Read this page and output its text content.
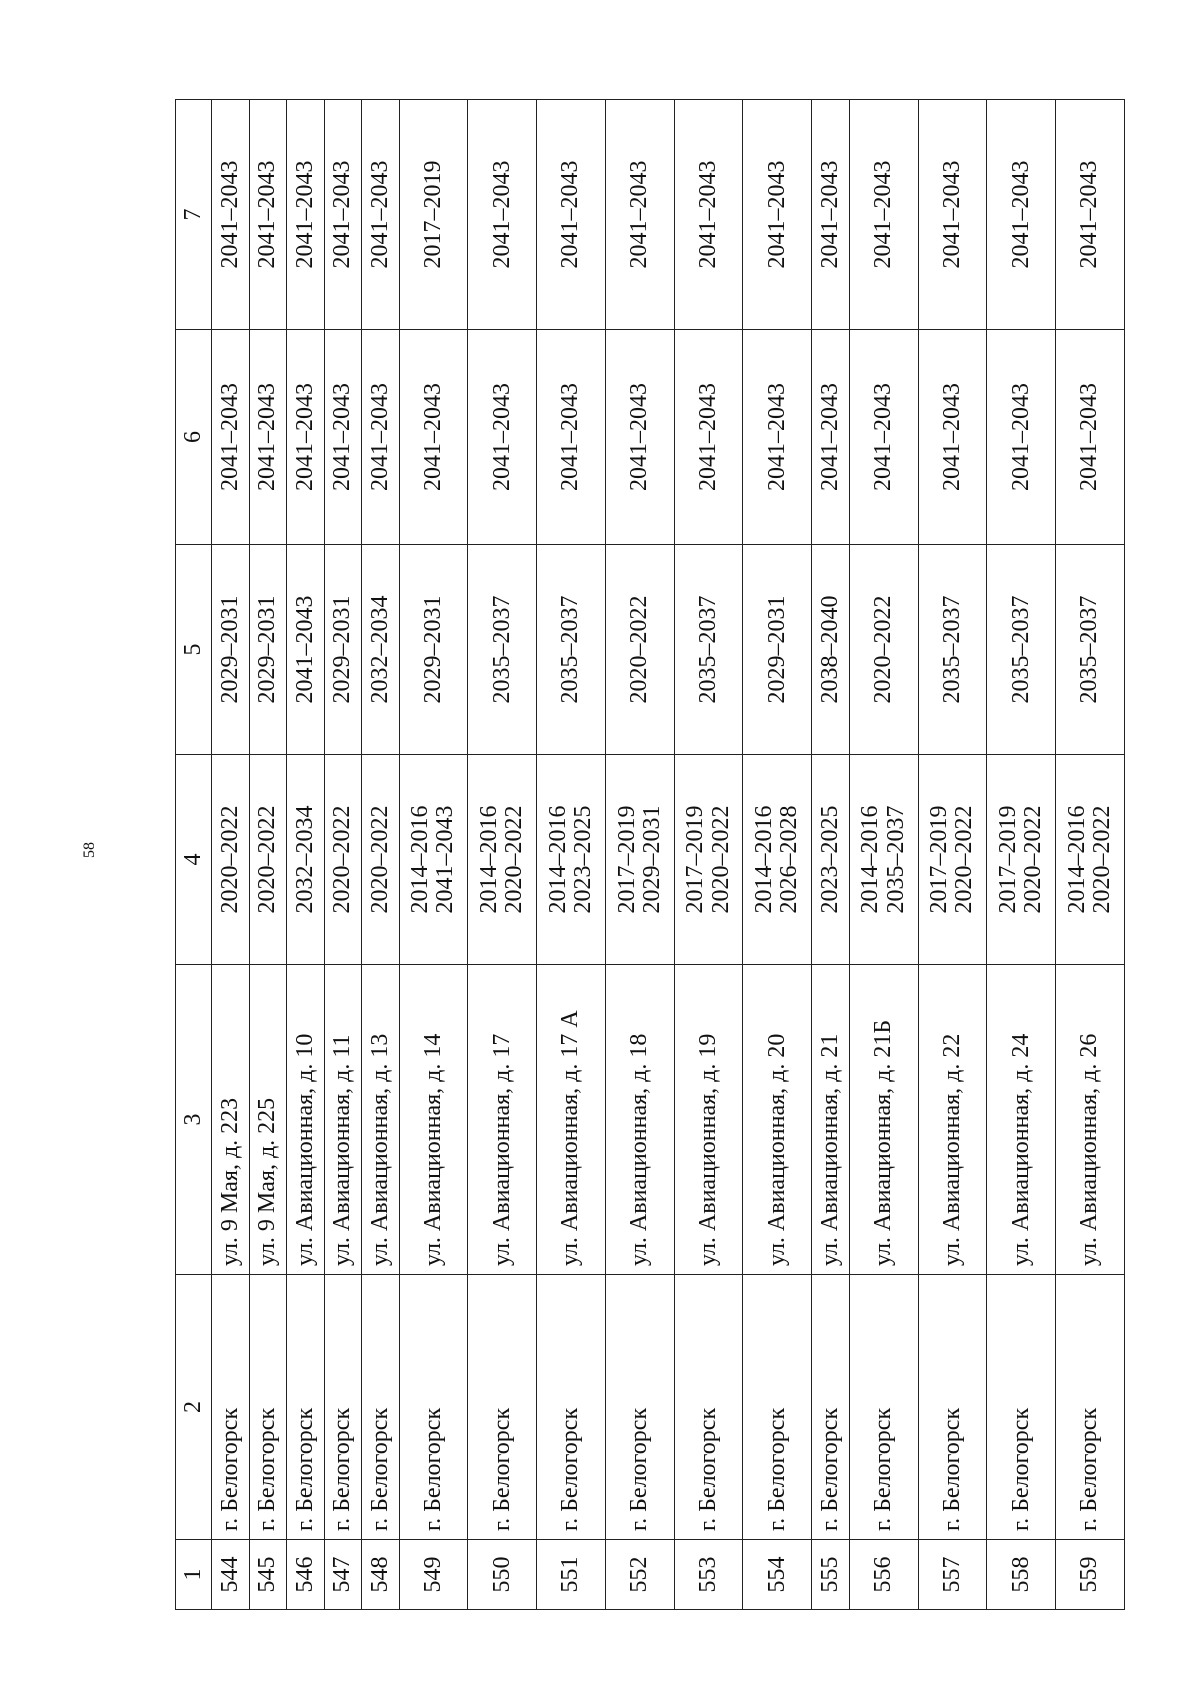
58
1	2	3	4	5	6	7
544	г. Белогорск	ул. 9 Мая, д. 223	2020–2022	2029–2031	2041–2043	2041–2043
545	г. Белогорск	ул. 9 Мая, д. 225	2020–2022	2029–2031	2041–2043	2041–2043
546	г. Белогорск	ул. Авиационная, д. 10	2032–2034	2041–2043	2041–2043	2041–2043
547	г. Белогорск	ул. Авиационная, д. 11	2020–2022	2029–2031	2041–2043	2041–2043
548	г. Белогорск	ул. Авиационная, д. 13	2020–2022	2032–2034	2041–2043	2041–2043
549	г. Белогорск	ул. Авиационная, д. 14	2014–2016 2041–2043	2029–2031	2041–2043	2017–2019
550	г. Белогорск	ул. Авиационная, д. 17	2014–2016 2020–2022	2035–2037	2041–2043	2041–2043
551	г. Белогорск	ул. Авиационная, д. 17 А	2014–2016 2023–2025	2035–2037	2041–2043	2041–2043
552	г. Белогорск	ул. Авиационная, д. 18	2017–2019 2029–2031	2020–2022	2041–2043	2041–2043
553	г. Белогорск	ул. Авиационная, д. 19	2017–2019 2020–2022	2035–2037	2041–2043	2041–2043
554	г. Белогорск	ул. Авиационная, д. 20	2014–2016 2026–2028	2029–2031	2041–2043	2041–2043
555	г. Белогорск	ул. Авиационная, д. 21	2023–2025	2038–2040	2041–2043	2041–2043
556	г. Белогорск	ул. Авиационная, д. 21Б	2014–2016 2035–2037	2020–2022	2041–2043	2041–2043
557	г. Белогорск	ул. Авиационная, д. 22	2017–2019 2020–2022	2035–2037	2041–2043	2041–2043
558	г. Белогорск	ул. Авиационная, д. 24	2017–2019 2020–2022	2035–2037	2041–2043	2041–2043
559	г. Белогорск	ул. Авиационная, д. 26	2014–2016 2020–2022	2035–2037	2041–2043	2041–2043
